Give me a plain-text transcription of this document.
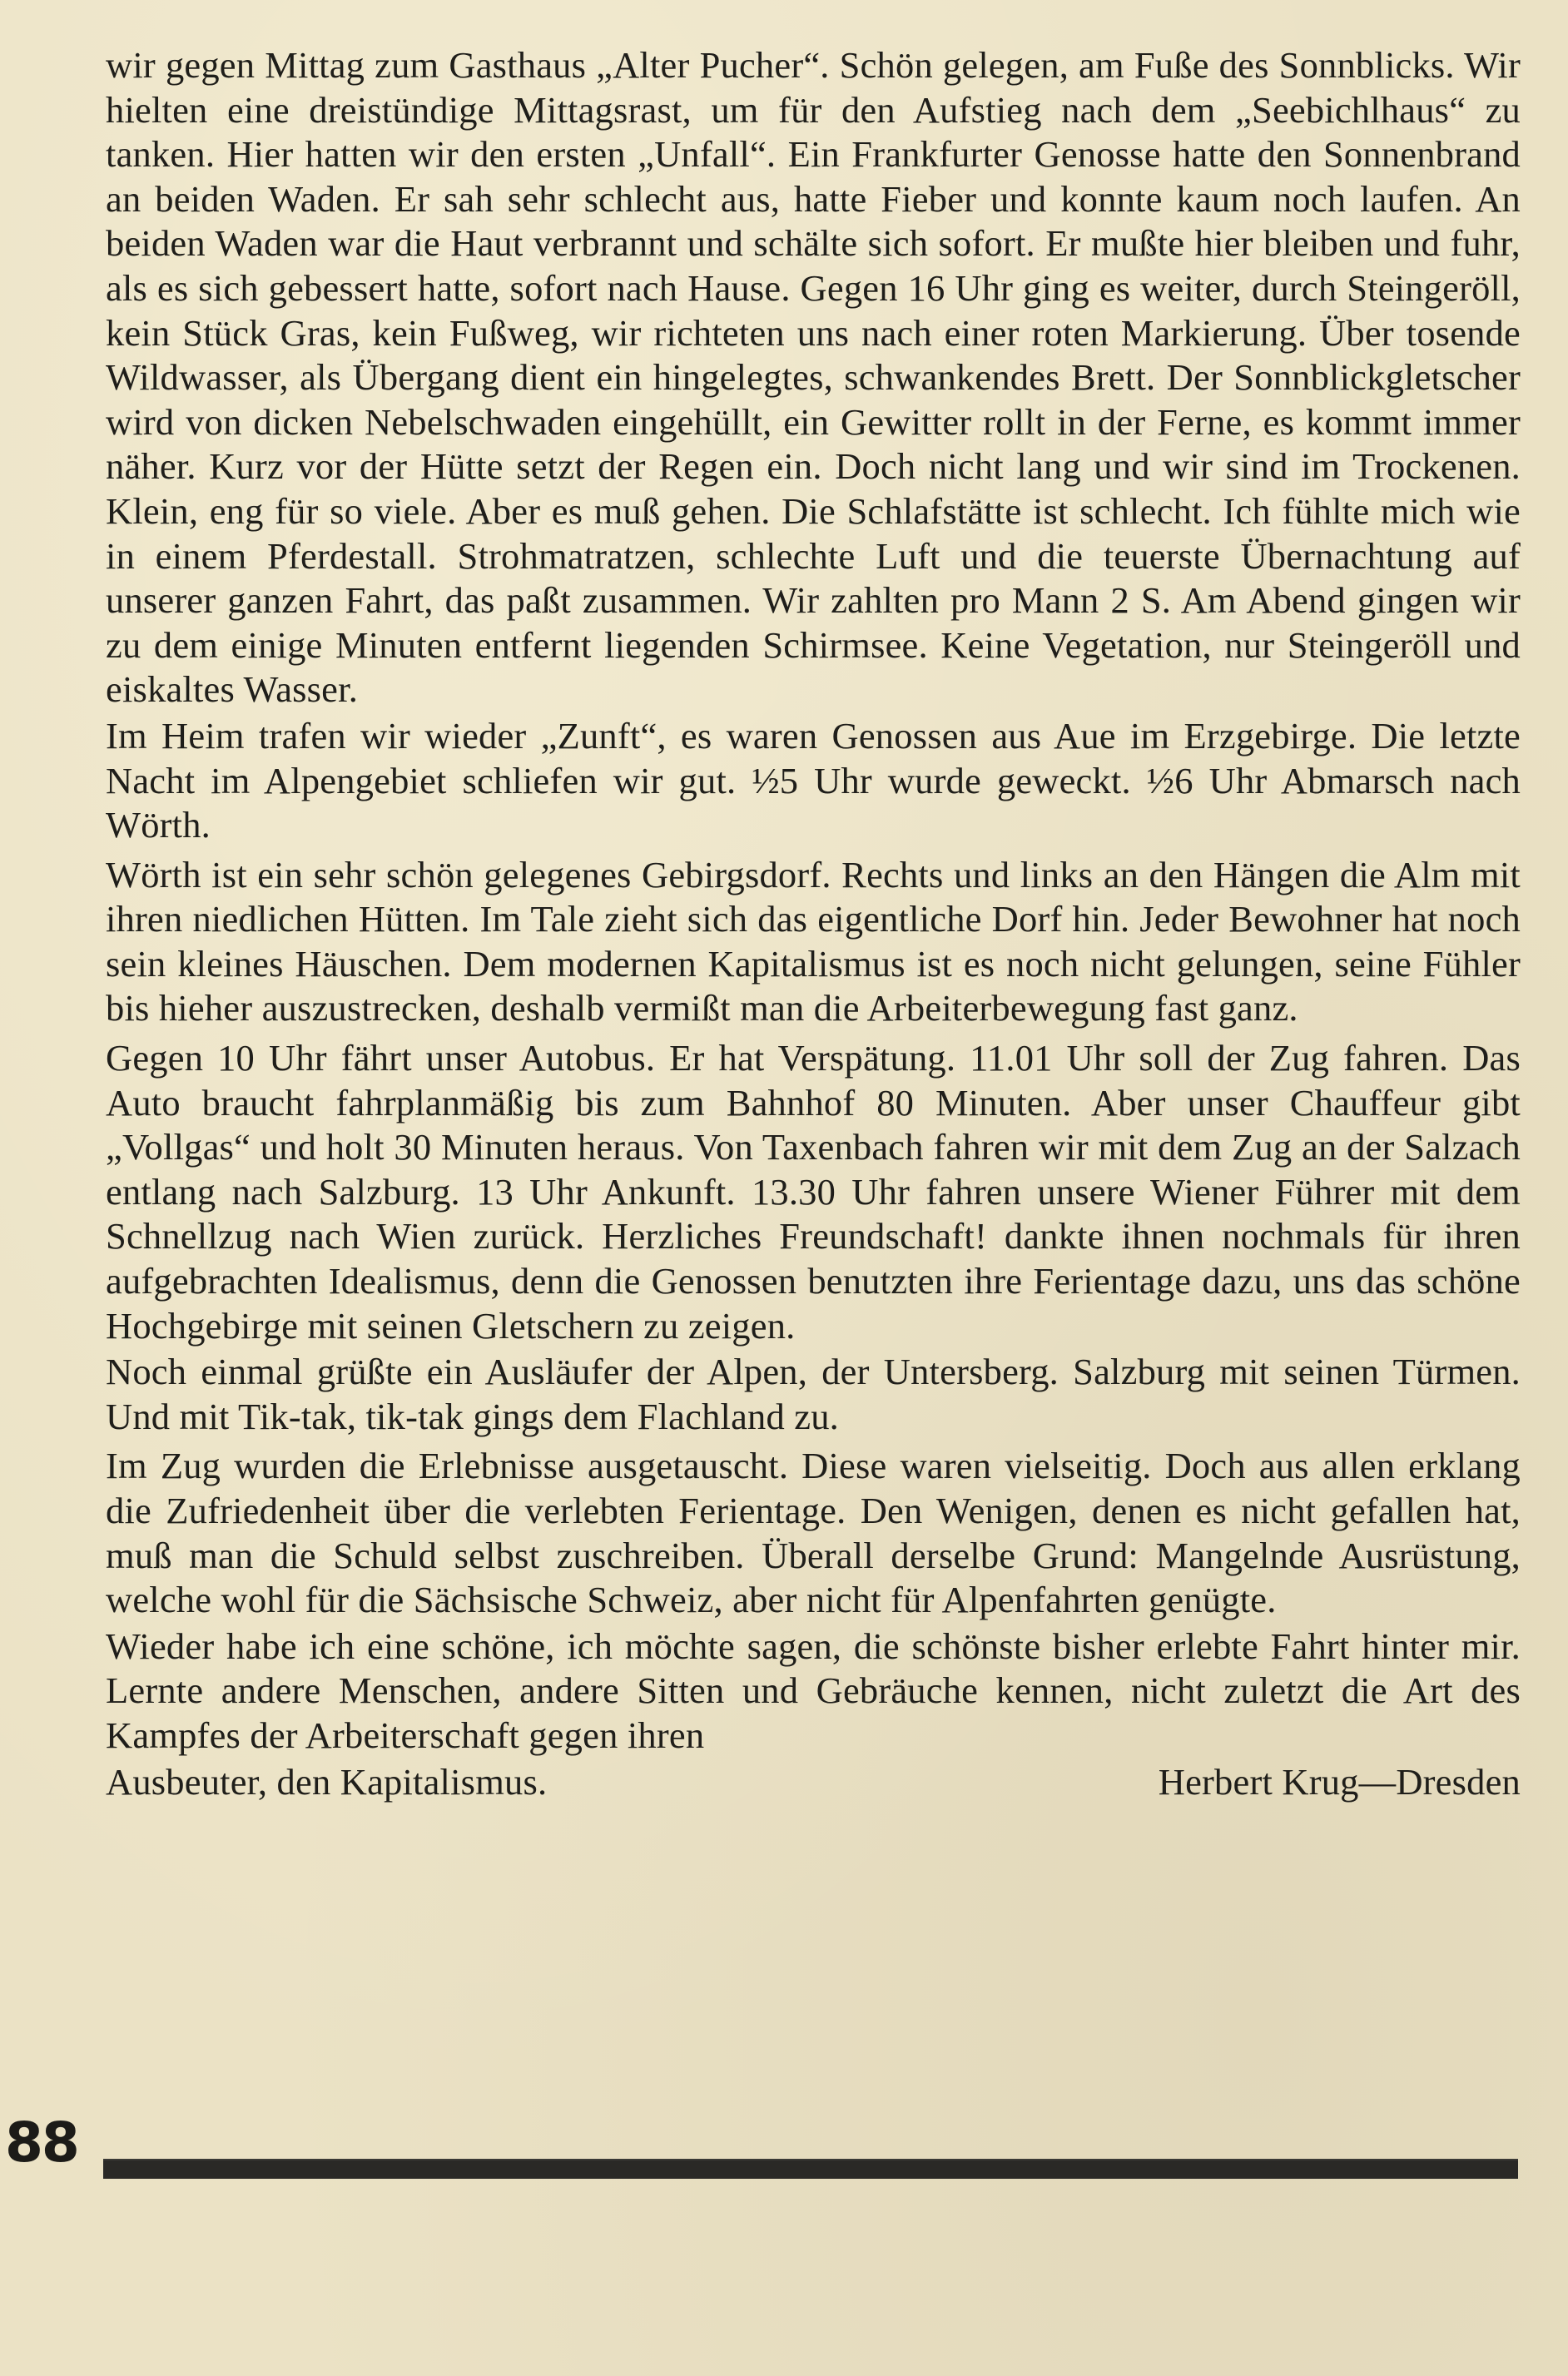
wir gegen Mittag zum Gasthaus „Alter Pucher“. Schön gelegen, am Fuße des Sonnblicks. Wir hielten eine dreistündige Mittagsrast, um für den Aufstieg nach dem „Seebichlhaus“ zu tanken. Hier hatten wir den ersten „Unfall“. Ein Frankfurter Genosse hatte den Sonnenbrand an beiden Waden. Er sah sehr schlecht aus, hatte Fieber und konnte kaum noch laufen. An beiden Waden war die Haut verbrannt und schälte sich sofort. Er mußte hier bleiben und fuhr, als es sich gebessert hatte, sofort nach Hause. Gegen 16 Uhr ging es weiter, durch Steingeröll, kein Stück Gras, kein Fußweg, wir richteten uns nach einer roten Markierung. Über tosende Wildwasser, als Übergang dient ein hingelegtes, schwankendes Brett. Der Sonnblickgletscher wird von dicken Nebelschwaden eingehüllt, ein Gewitter rollt in der Ferne, es kommt immer näher. Kurz vor der Hütte setzt der Regen ein. Doch nicht lang und wir sind im Trockenen. Klein, eng für so viele. Aber es muß gehen. Die Schlafstätte ist schlecht. Ich fühlte mich wie in einem Pferdestall. Strohmatratzen, schlechte Luft und die teuerste Übernachtung auf unserer ganzen Fahrt, das paßt zusammen. Wir zahlten pro Mann 2 S. Am Abend gingen wir zu dem einige Minuten entfernt liegenden Schirmsee. Keine Vegetation, nur Steingeröll und eiskaltes Wasser.

Im Heim trafen wir wieder „Zunft“, es waren Genossen aus Aue im Erzgebirge. Die letzte Nacht im Alpengebiet schliefen wir gut. ½5 Uhr wurde geweckt. ½6 Uhr Abmarsch nach Wörth.

Wörth ist ein sehr schön gelegenes Gebirgsdorf. Rechts und links an den Hängen die Alm mit ihren niedlichen Hütten. Im Tale zieht sich das eigentliche Dorf hin. Jeder Bewohner hat noch sein kleines Häuschen. Dem modernen Kapitalismus ist es noch nicht gelungen, seine Fühler bis hieher auszustrecken, deshalb vermißt man die Arbeiterbewegung fast ganz.

Gegen 10 Uhr fährt unser Autobus. Er hat Verspätung. 11.01 Uhr soll der Zug fahren. Das Auto braucht fahrplanmäßig bis zum Bahnhof 80 Minuten. Aber unser Chauffeur gibt „Vollgas“ und holt 30 Minuten heraus. Von Taxenbach fahren wir mit dem Zug an der Salzach entlang nach Salzburg. 13 Uhr Ankunft. 13.30 Uhr fahren unsere Wiener Führer mit dem Schnellzug nach Wien zurück. Herzliches Freundschaft! dankte ihnen nochmals für ihren aufgebrachten Idealismus, denn die Genossen benutzten ihre Ferientage dazu, uns das schöne Hochgebirge mit seinen Gletschern zu zeigen.

Noch einmal grüßte ein Ausläufer der Alpen, der Untersberg. Salzburg mit seinen Türmen. Und mit Tik-tak, tik-tak gings dem Flachland zu.

Im Zug wurden die Erlebnisse ausgetauscht. Diese waren vielseitig. Doch aus allen erklang die Zufriedenheit über die verlebten Ferientage. Den Wenigen, denen es nicht gefallen hat, muß man die Schuld selbst zuschreiben. Überall derselbe Grund: Mangelnde Ausrüstung, welche wohl für die Sächsische Schweiz, aber nicht für Alpenfahrten genügte.

Wieder habe ich eine schöne, ich möchte sagen, die schönste bisher erlebte Fahrt hinter mir. Lernte andere Menschen, andere Sitten und Gebräuche kennen, nicht zuletzt die Art des Kampfes der Arbeiterschaft gegen ihren

Ausbeuter, den Kapitalismus.	Herbert Krug—Dresden
88
